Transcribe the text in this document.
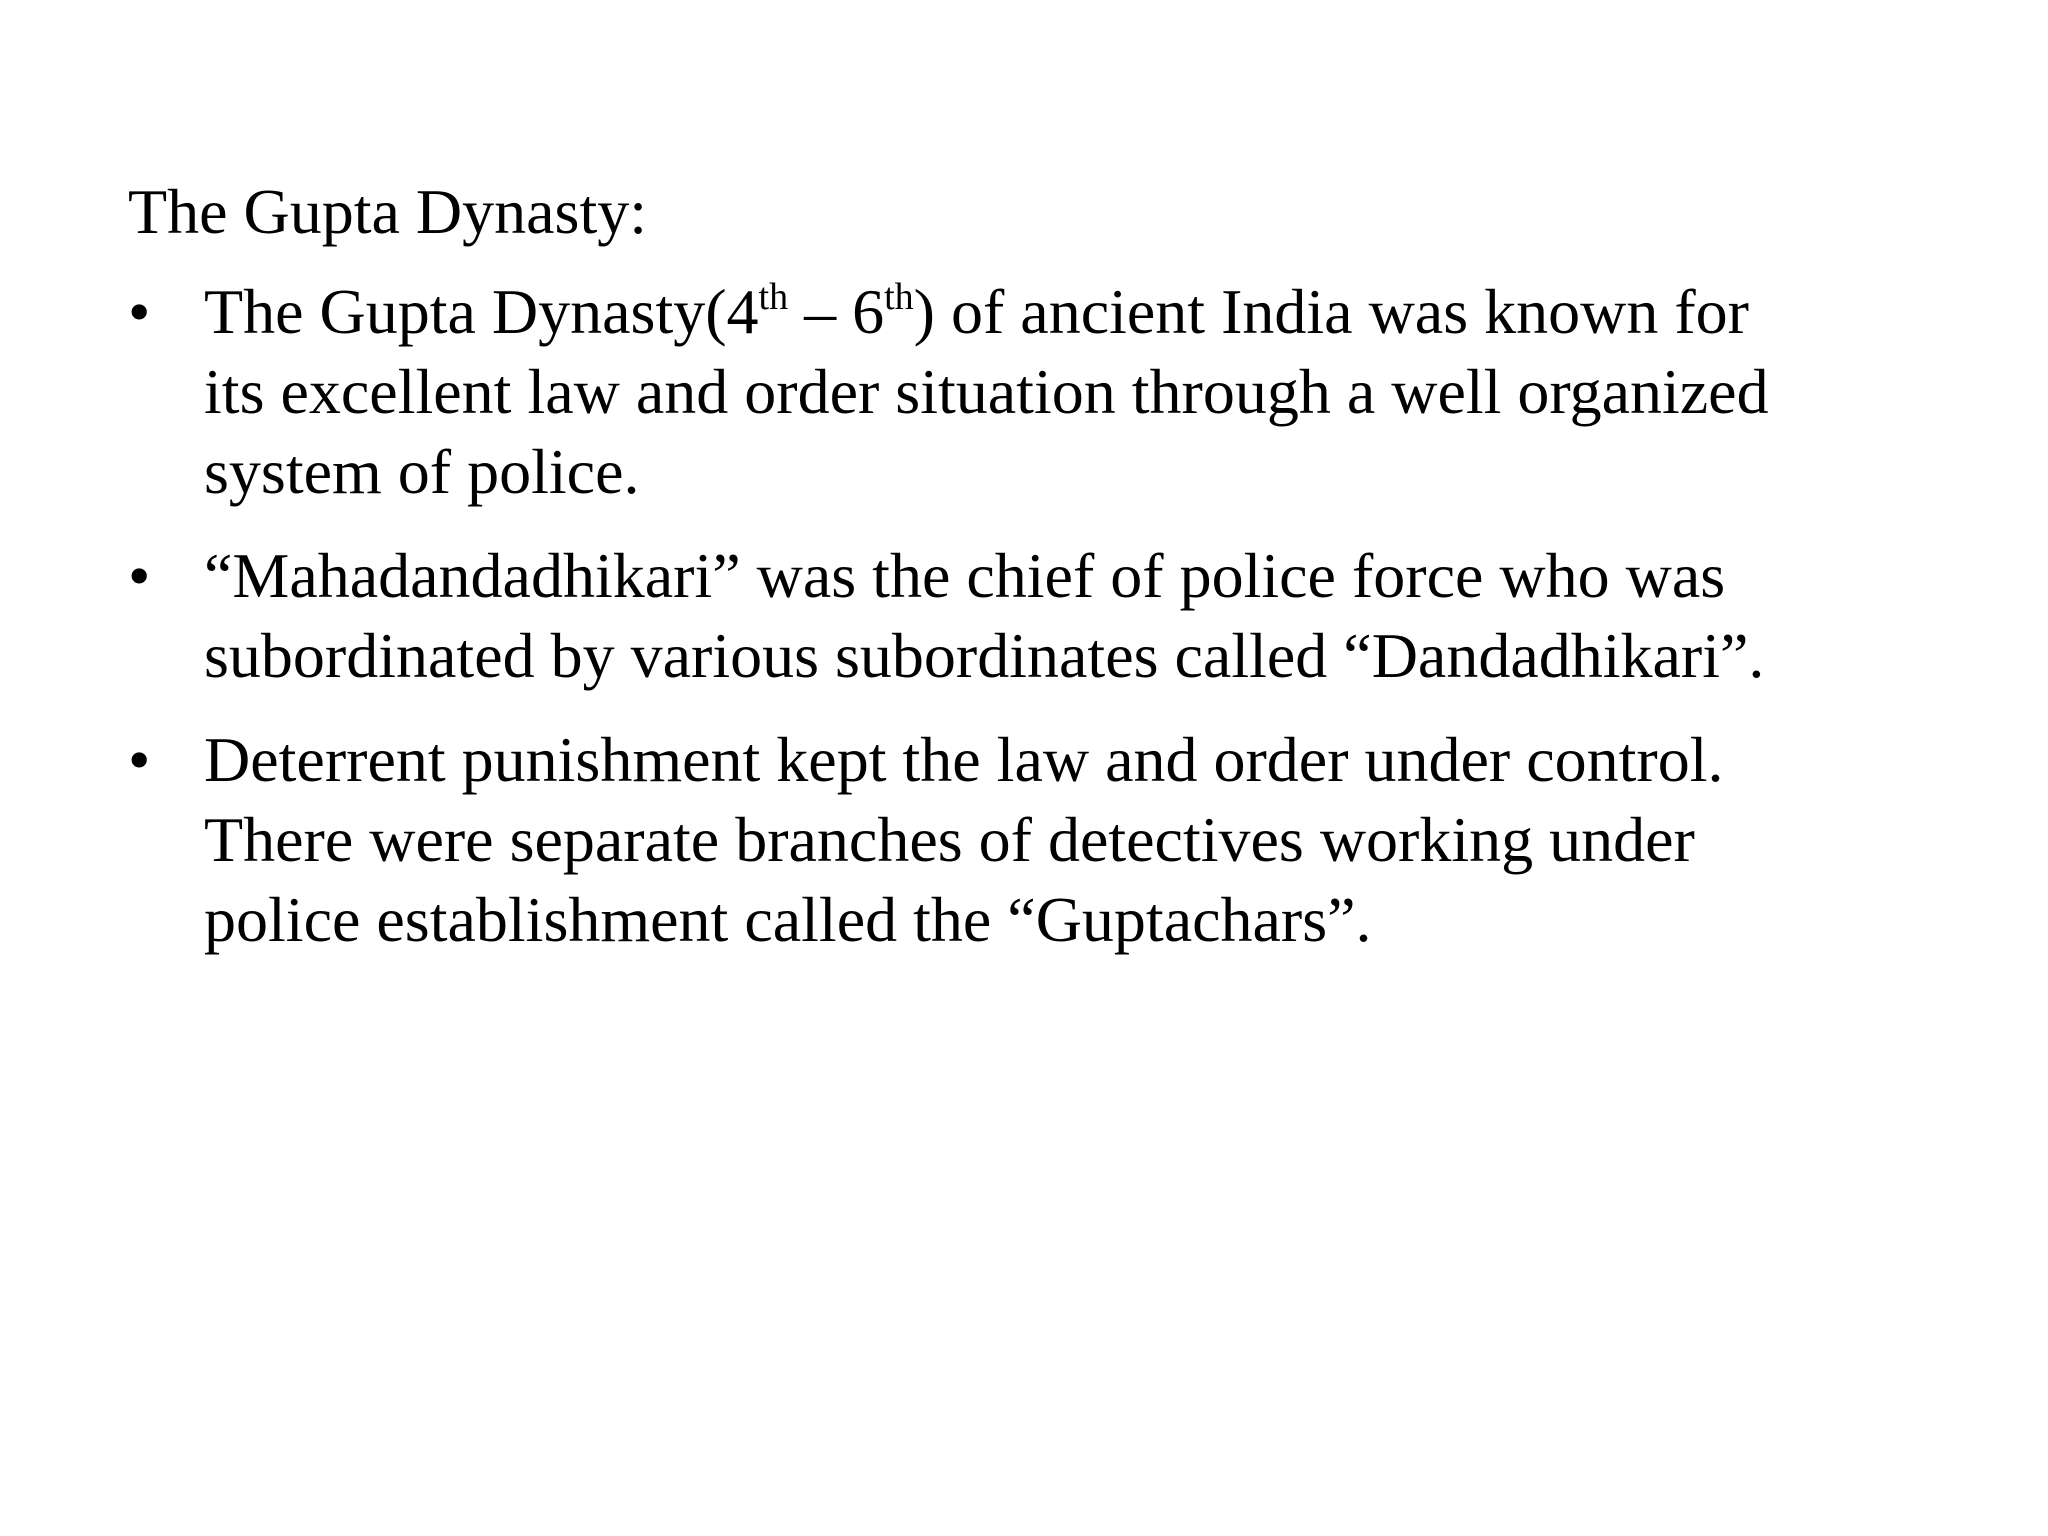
The Gupta Dynasty:
• The Gupta Dynasty(4th – 6th) of ancient India was known for
its excellent law and order situation through a well organized
system of police.
• “Mahadandadhikari” was the chief of police force who was
subordinated by various subordinates called “Dandadhikari”.
• Deterrent punishment kept the law and order under control.
There were separate branches of detectives working under
police establishment called the “Guptachars”.
